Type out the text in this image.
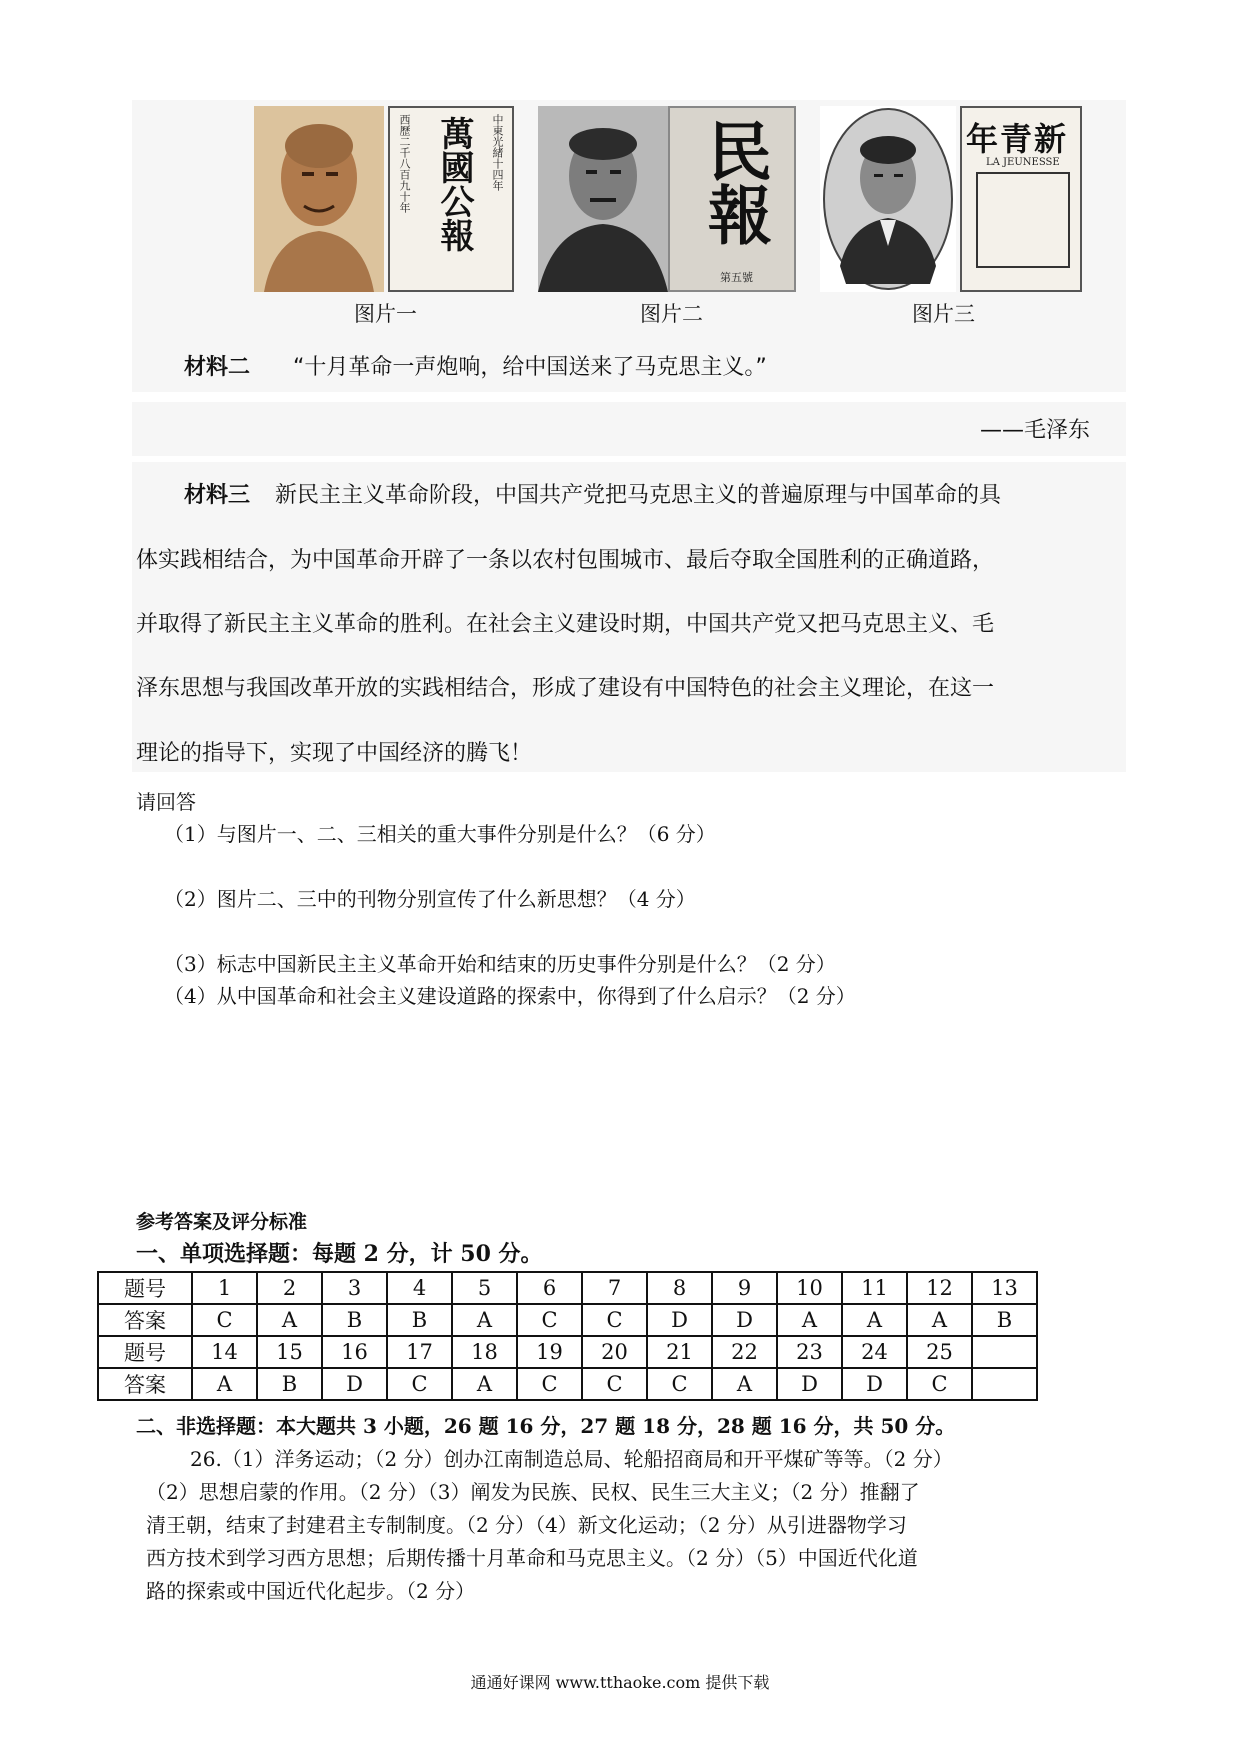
中東光緒十四年
西歷二千八百九十年 萬國公報
图片一
民報
第五號
图片二
新青年
LA JEUNESSE
图片三
材料二 “十月革命一声炮响，给中国送来了马克思主义。”
——毛泽东
材料三 新民主主义革命阶段，中国共产党把马克思主义的普遍原理与中国革命的具
体实践相结合，为中国革命开辟了一条以农村包围城市、最后夺取全国胜利的正确道路，
并取得了新民主主义革命的胜利。在社会主义建设时期，中国共产党又把马克思主义、毛
泽东思想与我国改革开放的实践相结合，形成了建设有中国特色的社会主义理论，在这一
理论的指导下，实现了中国经济的腾飞！
请回答
（1）与图片一、二、三相关的重大事件分别是什么？（6 分）
（2）图片二、三中的刊物分别宣传了什么新思想？（4 分）
（3）标志中国新民主主义革命开始和结束的历史事件分别是什么？（2 分）
（4）从中国革命和社会主义建设道路的探索中，你得到了什么启示？（2 分）
参考答案及评分标准
一、单项选择题：每题 2 分，计 50 分。
题号	1	2	3	4	5	6	7	8	9	10	11	12	13
答案	C	A	B	B	A	C	C	D	D	A	A	A	B
题号	14	15	16	17	18	19	20	21	22	23	24	25	
答案	A	B	D	C	A	C	C	C	A	D	D	C	
二、非选择题：本大题共 3 小题，26 题 16 分，27 题 18 分，28 题 16 分，共 50 分。
26.（1）洋务运动；（2 分）创办江南制造总局、轮船招商局和开平煤矿等等。（2 分）
（2）思想启蒙的作用。（2 分）（3）阐发为民族、民权、民生三大主义；（2 分）推翻了
清王朝，结束了封建君主专制制度。（2 分）（4）新文化运动；（2 分）从引进器物学习
西方技术到学习西方思想；后期传播十月革命和马克思主义。（2 分）（5）中国近代化道
路的探索或中国近代化起步。（2 分）
通通好课网 www.tthaoke.com 提供下载
